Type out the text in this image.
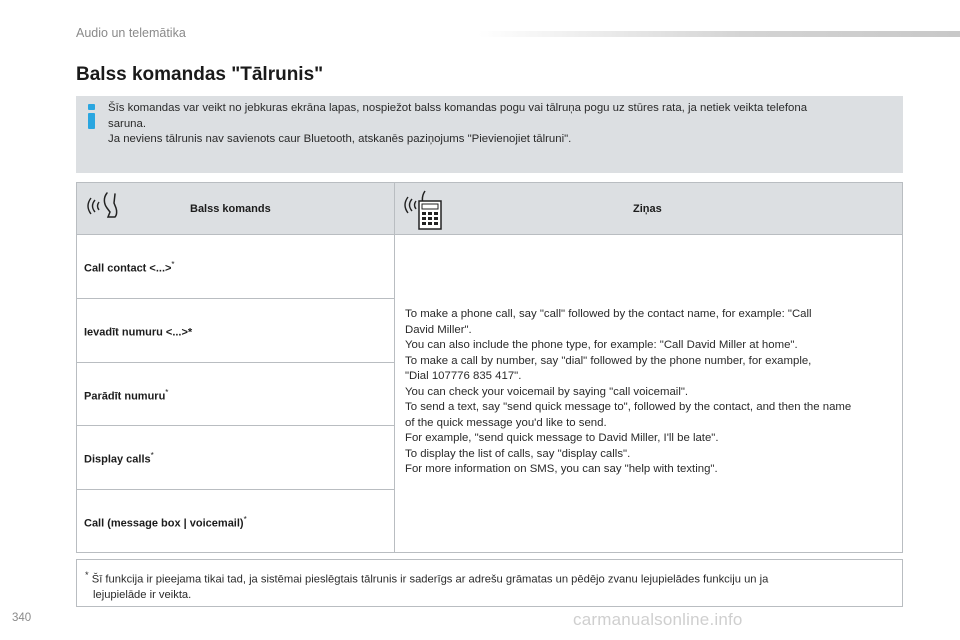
Audio un telemātika
Balss komandas "Tālrunis"

Šīs komandas var veikt no jebkuras ekrāna lapas, nospiežot balss komandas pogu vai tālruņa pogu uz stūres rata, ja netiek veikta telefona

saruna.

Ja neviens tālrunis nav savienots caur Bluetooth, atskanēs paziņojums "Pievienojiet tālruni".

Balss komands	Ziņas
Call contact <...>*
Ievadīt numuru <...>*
Parādīt numuru*
Display calls*
Call (message box | voicemail)*

To make a phone call, say "call" followed by the contact name, for example: "Call

David Miller".

You can also include the phone type, for example: "Call David Miller at home".

To make a call by number, say "dial" followed by the phone number, for example,

"Dial 107776 835 417".

You can check your voicemail by saying "call voicemail".

To send a text, say "send quick message to", followed by the contact, and then the name

of the quick message you'd like to send.

For example, "send quick message to David Miller, I'll be late".

To display the list of calls, say "display calls".

For more information on SMS, you can say "help with texting".

* Šī funkcija ir pieejama tikai tad, ja sistēmai pieslēgtais tālrunis ir saderīgs ar adrešu grāmatas un pēdējo zvanu lejupielādes funkciju un ja

lejupielāde ir veikta.

340	carmanualsonline.info
